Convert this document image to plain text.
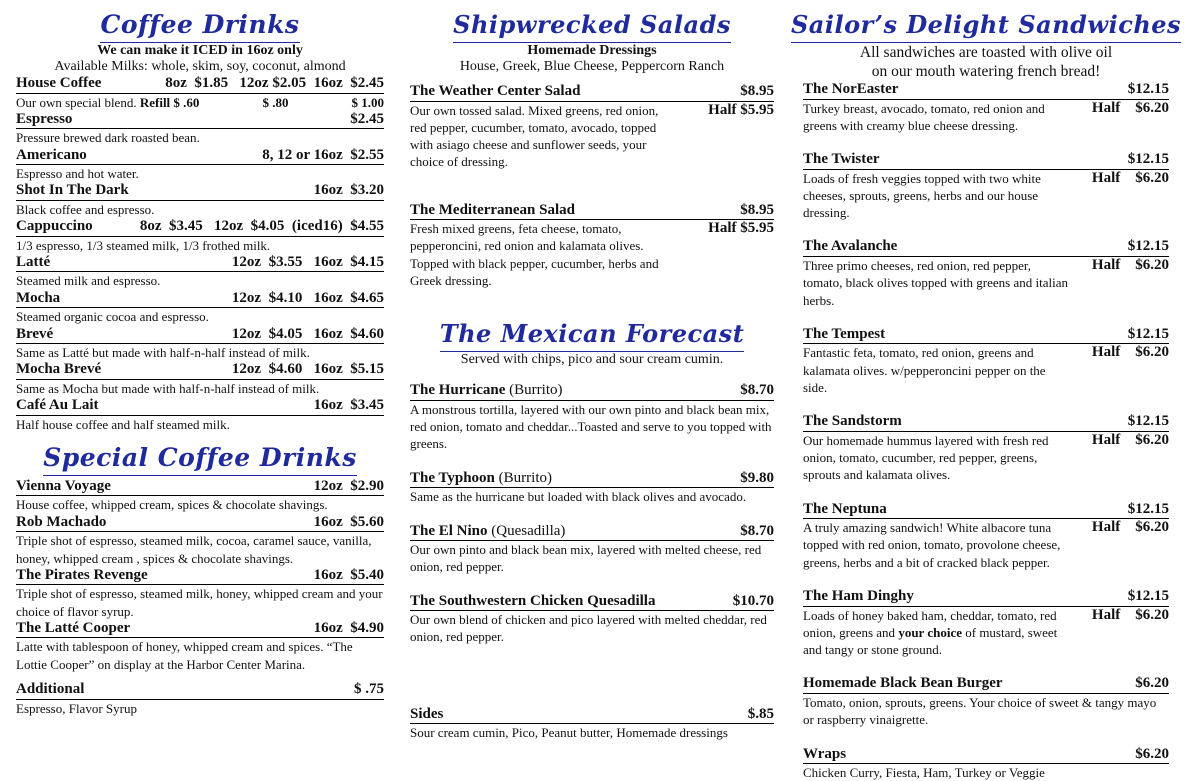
Coffee Drinks
We can make it ICED in 16oz only
Available Milks: whole, skim, soy, coconut, almond
House Coffee	8oz  $1.85   12oz $2.05  16oz  $2.45
Our own special blend. Refill $ .60	$ .80	$ 1.00
Espresso	$2.45
Pressure brewed dark roasted bean.
Americano	8, 12 or 16oz  $2.55
Espresso and hot water.
Shot In The Dark	16oz  $3.20
Black coffee and espresso.
Cappuccino	8oz  $3.45   12oz  $4.05  (iced16)  $4.55
1/3 espresso, 1/3 steamed milk, 1/3 frothed milk.
Latté	12oz  $3.55   16oz  $4.15
Steamed milk and espresso.
Mocha	12oz  $4.10   16oz  $4.65
Steamed organic cocoa and espresso.
Brevé	12oz  $4.05   16oz  $4.60
Same as Latté but made with half-n-half instead of milk.
Mocha Brevé	12oz  $4.60   16oz  $5.15
Same as Mocha but made with half-n-half instead of milk.
Café Au Lait	16oz  $3.45
Half house coffee and half steamed milk.
Special Coffee Drinks
Vienna Voyage	12oz  $2.90
House coffee, whipped cream, spices & chocolate shavings.
Rob Machado	16oz  $5.60
Triple shot of espresso, steamed milk, cocoa, caramel sauce, vanilla, honey, whipped cream , spices & chocolate shavings.
The Pirates Revenge	16oz  $5.40
Triple shot of espresso, steamed milk, honey, whipped cream and your choice of flavor syrup.
The Latté Cooper	16oz  $4.90
Latte with tablespoon of honey, whipped cream and spices. “The Lottie Cooper” on display at the Harbor Center Marina.
Additional	$ .75
Espresso, Flavor Syrup
Shipwrecked Salads
Homemade Dressings
House, Greek, Blue Cheese, Peppercorn Ranch
The Weather Center Salad	$8.95
Our own tossed salad. Mixed greens, red onion, red pepper, cucumber, tomato, avocado, topped with asiago cheese and sunflower seeds, your choice of dressing.
Half $5.95
The Mediterranean Salad	$8.95
Fresh mixed greens, feta cheese, tomato, pepperoncini, red onion and kalamata olives. Topped with black pepper, cucumber, herbs and Greek dressing.
Half $5.95
The Mexican Forecast
Served with chips, pico and sour cream cumin.
The Hurricane (Burrito)	$8.70
A monstrous tortilla, layered with our own pinto and black bean mix, red onion, tomato and cheddar...Toasted and serve to you topped with greens.
The Typhoon (Burrito)	$9.80
Same as the hurricane but loaded with black olives and avocado.
The El Nino (Quesadilla)	$8.70
Our own pinto and black bean mix, layered with melted cheese, red onion, red pepper.
The Southwestern Chicken Quesadilla	$10.70
Our own blend of chicken and pico layered with melted cheddar, red onion, red pepper.
Sides	$.85
Sour cream cumin, Pico, Peanut butter, Homemade dressings
Sailor’s Delight Sandwiches
All sandwiches are toasted with olive oil
on our mouth watering french bread!
The NorEaster	$12.15
Turkey breast, avocado, tomato, red onion and greens with creamy blue cheese dressing.
Half    $6.20
The Twister	$12.15
Loads of fresh veggies topped with two white cheeses, sprouts, greens, herbs and our house dressing.
Half    $6.20
The Avalanche	$12.15
Three primo cheeses, red onion, red pepper, tomato, black olives topped with greens and italian herbs.
Half    $6.20
The Tempest	$12.15
Fantastic feta, tomato, red onion, greens and kalamata olives. w/pepperoncini pepper on the side.
Half    $6.20
The Sandstorm	$12.15
Our homemade hummus layered with fresh red onion, tomato, cucumber, red pepper, greens, sprouts and kalamata olives.
Half    $6.20
The Neptuna	$12.15
A truly amazing sandwich! White albacore tuna topped with red onion, tomato, provolone cheese, greens, herbs and a bit of cracked black pepper.
Half    $6.20
The Ham Dinghy	$12.15
Loads of honey baked ham, cheddar, tomato, red onion, greens and your choice of mustard, sweet and tangy or stone ground.
Half    $6.20
Homemade Black Bean Burger	$6.20
Tomato, onion, sprouts, greens. Your choice of sweet & tangy mayo or raspberry vinaigrette.
Wraps	$6.20
Chicken Curry, Fiesta, Ham, Turkey or Veggie
